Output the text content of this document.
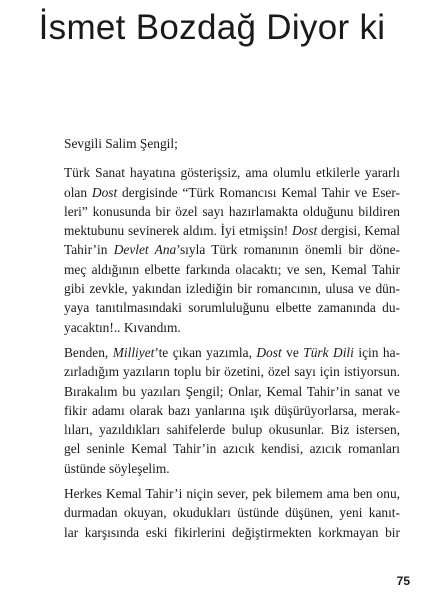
İsmet Bozdağ Diyor ki

Sevgili Salim Şengil;

Türk Sanat hayatına gösterişsiz, ama olumlu etkilerle yararlı
olan Dost dergisinde “Türk Romancısı Kemal Tahir ve Eser-
leri” konusunda bir özel sayı hazırlamakta olduğunu bildiren
mektubunu sevinerek aldım. İyi etmişsin! Dost dergisi, Kemal
Tahir’in Devlet Ana’sıyla Türk romanının önemli bir döne-
meç aldığının elbette farkında olacaktı; ve sen, Kemal Tahir
gibi zevkle, yakından izlediğin bir romancının, ulusa ve dün-
yaya tanıtılmasındaki sorumluluğunu elbette zamanında du-
yacaktın!.. Kıvandım.

Benden, Milliyet’te çıkan yazımla, Dost ve Türk Dili için ha-
zırladığım yazıların toplu bir özetini, özel sayı için istiyorsun.
Bırakalım bu yazıları Şengil; Onlar, Kemal Tahir’in sanat ve
fikir adamı olarak bazı yanlarına ışık düşürüyorlarsa, merak-
lıları, yazıldıkları sahifelerde bulup okusunlar. Biz istersen,
gel seninle Kemal Tahir’in azıcık kendisi, azıcık romanları
üstünde söyleşelim.

Herkes Kemal Tahir’i niçin sever, pek bilemem ama ben onu,
durmadan okuyan, okudukları üstünde düşünen, yeni kanıt-
lar karşısında eski fikirlerini değiştirmekten korkmayan bir

75
